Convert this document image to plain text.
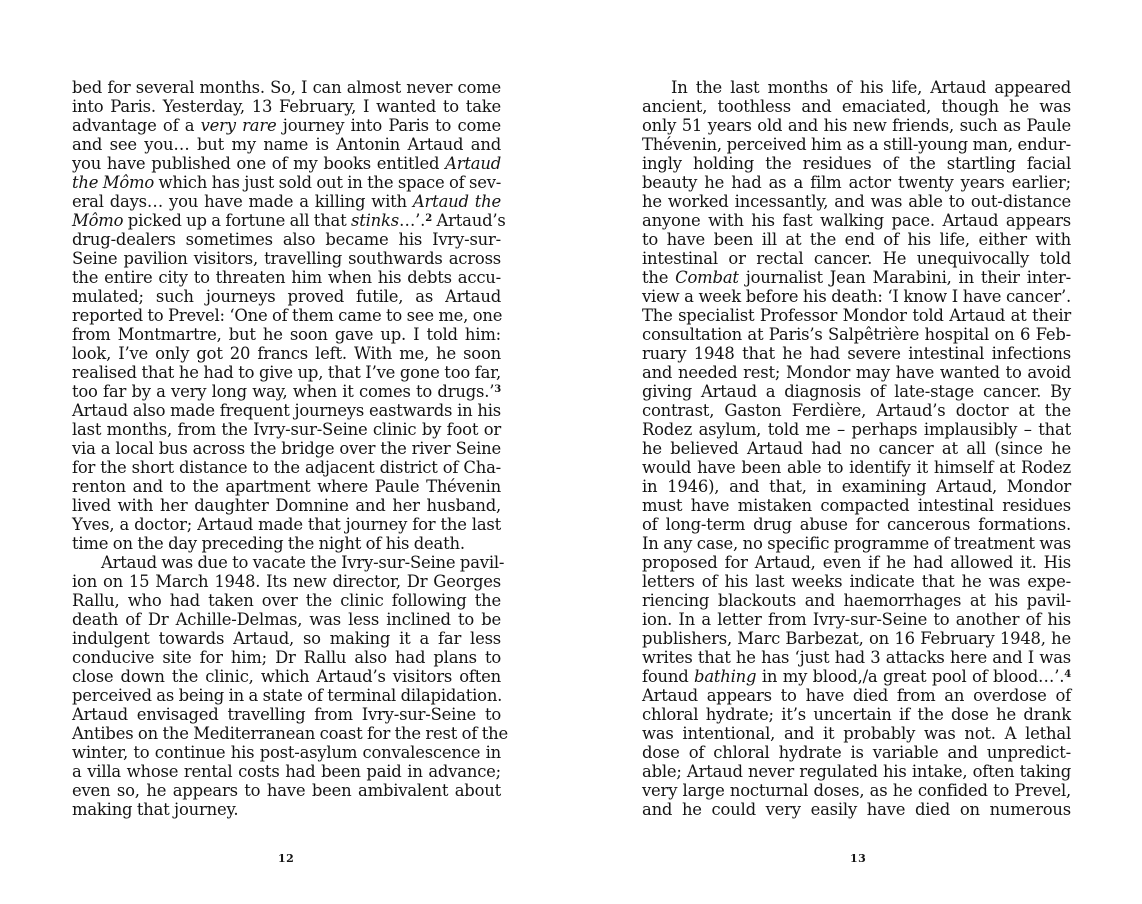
bed for several months. So, I can almost never come
into Paris. Yesterday, 13 February, I wanted to take
advantage of a very rare journey into Paris to come
and see you… but my name is Antonin Artaud and
you have published one of my books entitled Artaud
the Mômo which has just sold out in the space of sev-
eral days… you have made a killing with Artaud the
Mômo picked up a fortune all that stinks…’.$^2$ Artaud’s
drug-dealers sometimes also became his Ivry-sur-
Seine pavilion visitors, travelling southwards across
the entire city to threaten him when his debts accu-
mulated; such journeys proved futile, as Artaud
reported to Prevel: ‘One of them came to see me, one
from Montmartre, but he soon gave up. I told him:
look, I’ve only got 20 francs left. With me, he soon
realised that he had to give up, that I’ve gone too far,
too far by a very long way, when it comes to drugs.’$^3$
Artaud also made frequent journeys eastwards in his
last months, from the Ivry-sur-Seine clinic by foot or
via a local bus across the bridge over the river Seine
for the short distance to the adjacent district of Cha-
renton and to the apartment where Paule Thévenin
lived with her daughter Domnine and her husband,
Yves, a doctor; Artaud made that journey for the last
time on the day preceding the night of his death.
Artaud was due to vacate the Ivry-sur-Seine pavil-
ion on 15 March 1948. Its new director, Dr Georges
Rallu, who had taken over the clinic following the
death of Dr Achille-Delmas, was less inclined to be
indulgent towards Artaud, so making it a far less
conducive site for him; Dr Rallu also had plans to
close down the clinic, which Artaud’s visitors often
perceived as being in a state of terminal dilapidation.
Artaud envisaged travelling from Ivry-sur-Seine to
Antibes on the Mediterranean coast for the rest of the
winter, to continue his post-asylum convalescence in
a villa whose rental costs had been paid in advance;
even so, he appears to have been ambivalent about
making that journey.
12
In the last months of his life, Artaud appeared
ancient, toothless and emaciated, though he was
only 51 years old and his new friends, such as Paule
Thévenin, perceived him as a still-young man, endur-
ingly holding the residues of the startling facial
beauty he had as a film actor twenty years earlier;
he worked incessantly, and was able to out-distance
anyone with his fast walking pace. Artaud appears
to have been ill at the end of his life, either with
intestinal or rectal cancer. He unequivocally told
the Combat journalist Jean Marabini, in their inter-
view a week before his death: ‘I know I have cancer’.
The specialist Professor Mondor told Artaud at their
consultation at Paris’s Salpêtrière hospital on 6 Feb-
ruary 1948 that he had severe intestinal infections
and needed rest; Mondor may have wanted to avoid
giving Artaud a diagnosis of late-stage cancer. By
contrast, Gaston Ferdière, Artaud’s doctor at the
Rodez asylum, told me – perhaps implausibly – that
he believed Artaud had no cancer at all (since he
would have been able to identify it himself at Rodez
in 1946), and that, in examining Artaud, Mondor
must have mistaken compacted intestinal residues
of long-term drug abuse for cancerous formations.
In any case, no specific programme of treatment was
proposed for Artaud, even if he had allowed it. His
letters of his last weeks indicate that he was expe-
riencing blackouts and haemorrhages at his pavil-
ion. In a letter from Ivry-sur-Seine to another of his
publishers, Marc Barbezat, on 16 February 1948, he
writes that he has ‘just had 3 attacks here and I was
found bathing in my blood,/a great pool of blood…’.$^4$
Artaud appears to have died from an overdose of
chloral hydrate; it’s uncertain if the dose he drank
was intentional, and it probably was not. A lethal
dose of chloral hydrate is variable and unpredict-
able; Artaud never regulated his intake, often taking
very large nocturnal doses, as he confided to Prevel,
and he could very easily have died on numerous
13
